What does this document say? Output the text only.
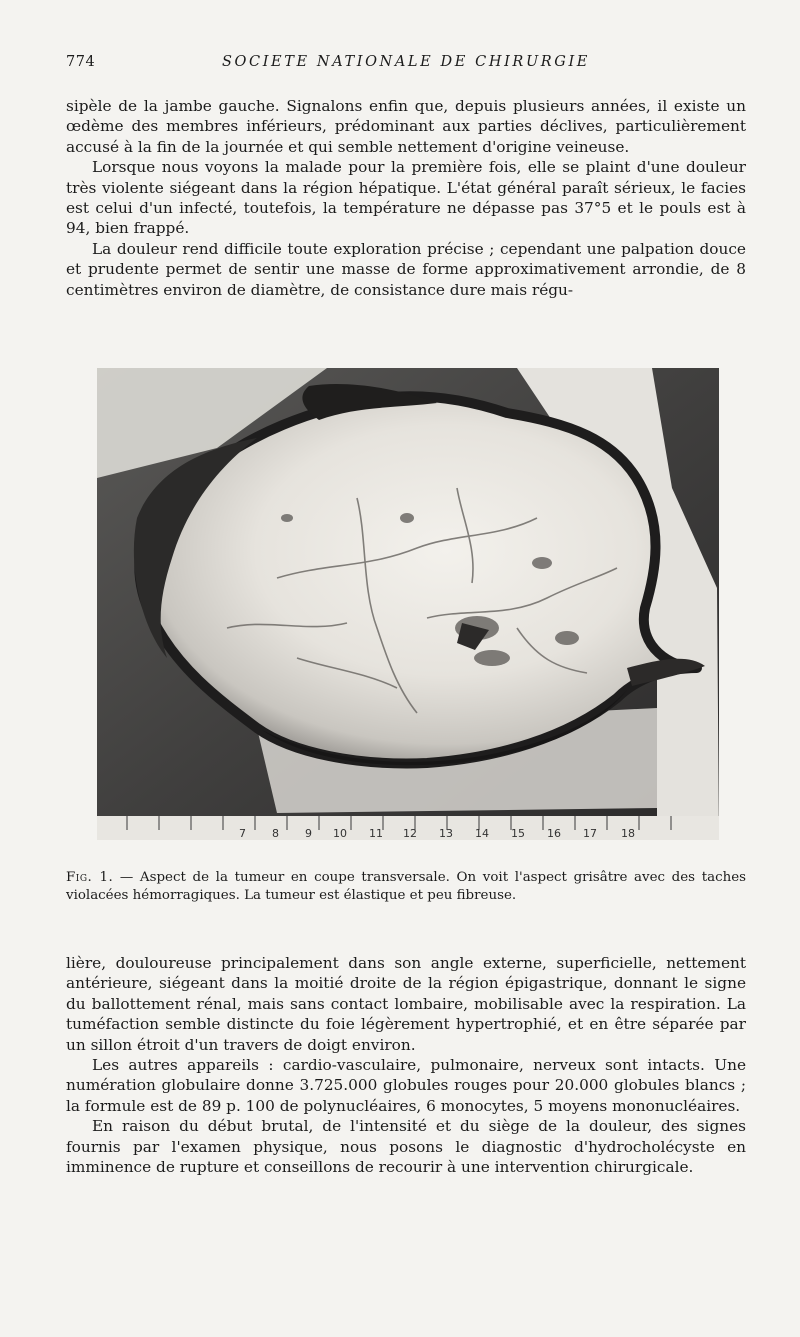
774	SOCIETE NATIONALE DE CHIRURGIE

sipèle de la jambe gauche. Signalons enfin que, depuis plusieurs années, il existe un œdème des membres inférieurs, prédominant aux parties déclives, particulièrement accusé à la fin de la journée et qui semble nettement d'origine veineuse.

Lorsque nous voyons la malade pour la première fois, elle se plaint d'une douleur très violente siégeant dans la région hépatique. L'état général paraît sérieux, le facies est celui d'un infecté, toutefois, la température ne dépasse pas 37°5 et le pouls est à 94, bien frappé.

La douleur rend difficile toute exploration précise ; cependant une palpation douce et prudente permet de sentir une masse de forme approximativement arrondie, de 8 centimètres environ de diamètre, de consistance dure mais régu-

7 8 9 10 11 12 13 14 15 16 17 18
Fig. 1. — Aspect de la tumeur en coupe transversale. On voit l'aspect grisâtre avec des taches violacées hémorragiques. La tumeur est élastique et peu fibreuse.

lière, douloureuse principalement dans son angle externe, superficielle, nettement antérieure, siégeant dans la moitié droite de la région épigastrique, donnant le signe du ballottement rénal, mais sans contact lombaire, mobilisable avec la respiration. La tuméfaction semble distincte du foie légèrement hypertrophié, et en être séparée par un sillon étroit d'un travers de doigt environ.

Les autres appareils : cardio-vasculaire, pulmonaire, nerveux sont intacts. Une numération globulaire donne 3.725.000 globules rouges pour 20.000 globules blancs ; la formule est de 89 p. 100 de polynucléaires, 6 monocytes, 5 moyens mononucléaires.

En raison du début brutal, de l'intensité et du siège de la douleur, des signes fournis par l'examen physique, nous posons le diagnostic d'hydrocholécyste en imminence de rupture et conseillons de recourir à une intervention chirurgicale.
